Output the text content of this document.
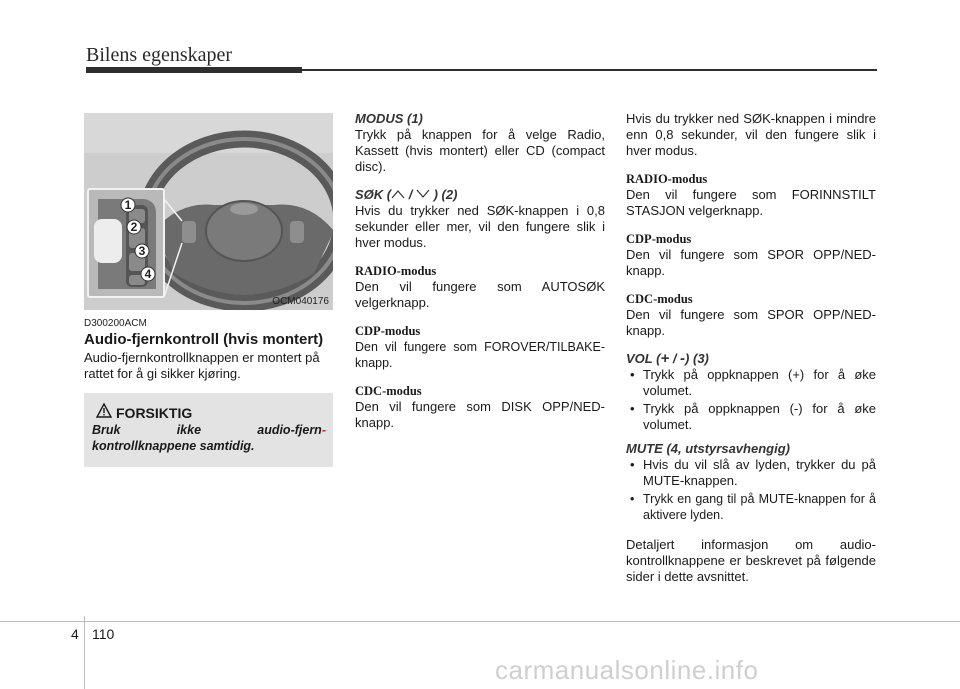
Bilens egenskaper
1
2
3
4
OCM040176
D300200ACM
Audio-fjernkontroll (hvis montert)
Audio-fjernkontrollknappen er montert på rattet for å gi sikker kjøring.
FORSIKTIG
Bruk ikke audio-fjern- kontrollknappene samtidig.

MODUS (1)

Trykk på knappen for å velge Radio, Kassett (hvis montert) eller CD (compact disc).

SØK ( /  ) (2)

Hvis du trykker ned SØK-knappen i 0,8 sekunder eller mer, vil den fungere slik i hver modus.

RADIO-modus

Den vil fungere som AUTOSØK velgerknapp.

CDP-modus

Den vil fungere som FOROVER/TILBAKE-knapp.

CDC-modus

Den vil fungere som DISK OPP/NED-knapp.

Hvis du trykker ned SØK-knappen i mindre enn 0,8 sekunder, vil den fungere slik i hver modus.

RADIO-modus

Den vil fungere som FORINNSTILT STASJON velgerknapp.

CDP-modus

Den vil fungere som SPOR OPP/NED-knapp.

CDC-modus

Den vil fungere som SPOR OPP/NED-knapp.

VOL (+ / -) (3)

• Trykk på oppknappen (+) for å øke volumet.
• Trykk på oppknappen (-) for å øke volumet.

MUTE (4, utstyrsavhengig)

• Hvis du vil slå av lyden, trykker du på MUTE-knappen.
• Trykk en gang til på MUTE-knappen for å aktivere lyden.

Detaljert informasjon om audio-kontrollknappene er beskrevet på følgende sider i dette avsnittet.

4 110
carmanualsonline.info
